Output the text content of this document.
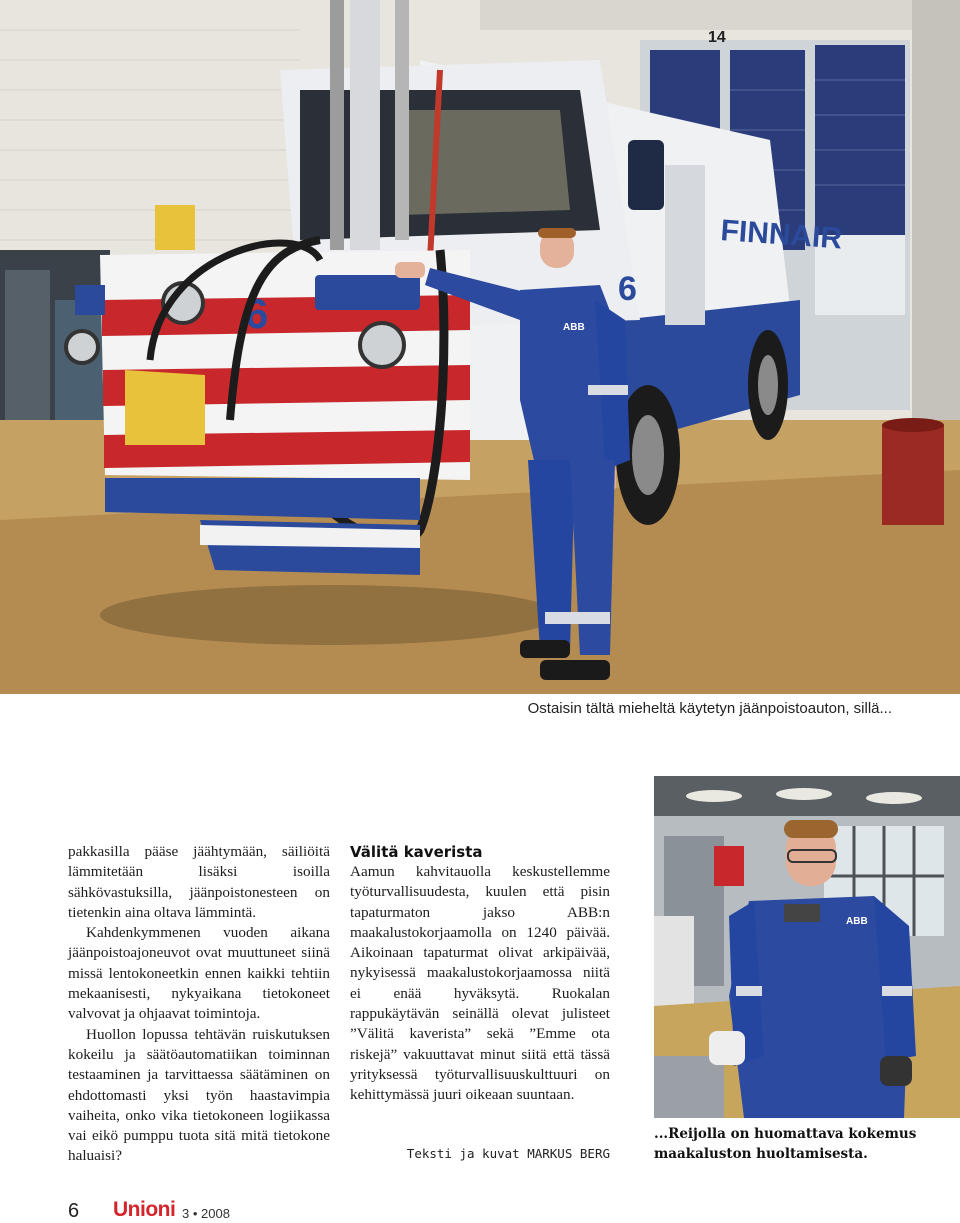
14
FINNAIR
6
6	ABB
Ostaisin tältä mieheltä käytetyn jäänpoistoauton, sillä...

pakkasilla pääse jäähtymään, säiliöitä lämmitetään lisäksi isoilla sähkövastuksilla, jäänpoistonesteen on tietenkin aina oltava lämmintä.

Kahdenkymmenen vuoden aikana jäänpoistoajoneuvot ovat muuttuneet siinä missä lentokoneetkin ennen kaikki tehtiin mekaanisesti, nykyaikana tietokoneet valvovat ja ohjaavat toimintoja.

Huollon lopussa tehtävän ruiskutuksen kokeilu ja säätöautomatiikan toiminnan testaaminen ja tarvittaessa säätäminen on ehdottomasti yksi työn haastavimpia vaiheita, onko vika tietokoneen logiikassa vai eikö pumppu tuota sitä mitä tietokone haluaisi?

Välitä kaverista

Aamun kahvitauolla keskustellemme työturvallisuudesta, kuulen että pisin tapaturmaton jakso ABB:n maakalustokorjaamolla on 1240 päivää. Aikoinaan tapaturmat olivat arkipäivää, nykyisessä maakalustokorjaamossa niitä ei enää hyväksytä. Ruokalan rappukäytävän seinällä olevat julisteet ”Välitä kaverista” sekä ”Emme ota riskejä” vakuuttavat minut siitä että tässä yrityksessä työturvallisuuskulttuuri on kehittymässä juuri oikeaan suuntaan.

Teksti ja kuvat MARKUS BERG
ABB
...Reijolla on huomattava kokemus maakaluston huoltamisesta.
6 Unioni 3 • 2008
